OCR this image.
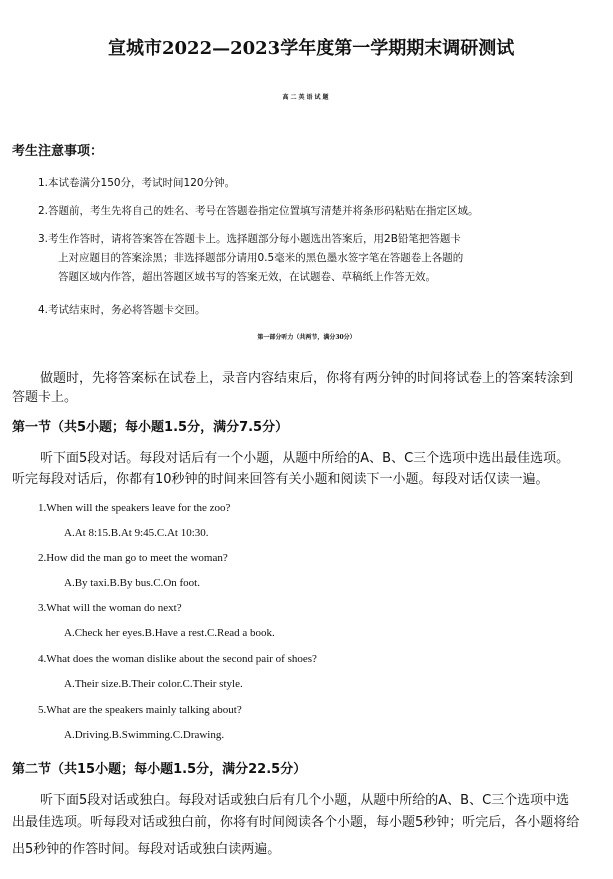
宣城市2022—2023学年度第一学期期末调研测试
高二英语试题
考生注意事项：
1.本试卷满分150分，考试时间120分钟。
2.答题前，考生先将自己的姓名、考号在答题卷指定位置填写清楚并将条形码粘贴在指定区域。
3.考生作答时，请将答案答在答题卡上。选择题部分每小题选出答案后，用2B铅笔把答题卡
上对应题目的答案涂黑；非选择题部分请用0.5毫米的黑色墨水签字笔在答题卷上各题的
答题区域内作答，超出答题区域书写的答案无效，在试题卷、草稿纸上作答无效。
4.考试结束时，务必将答题卡交回。
第一部分听力（共两节，满分30分）
做题时，先将答案标在试卷上，录音内容结束后，你将有两分钟的时间将试卷上的答案转涂到
答题卡上。
第一节（共5小题；每小题1.5分，满分7.5分）
听下面5段对话。每段对话后有一个小题，从题中所给的A、B、C三个选项中选出最佳选项。
听完每段对话后，你都有10秒钟的时间来回答有关小题和阅读下一小题。每段对话仅读一遍。
1.When will the speakers leave for the zoo?
A.At 8:15.B.At 9:45.C.At 10:30.
2.How did the man go to meet the woman?
A.By taxi.B.By bus.C.On foot.
3.What will the woman do next?
A.Check her eyes.B.Have a rest.C.Read a book.
4.What does the woman dislike about the second pair of shoes?
A.Their size.B.Their color.C.Their style.
5.What are the speakers mainly talking about?
A.Driving.B.Swimming.C.Drawing.
第二节（共15小题；每小题1.5分，满分22.5分）
听下面5段对话或独白。每段对话或独白后有几个小题，从题中所给的A、B、C三个选项中选
出最佳选项。听每段对话或独白前，你将有时间阅读各个小题，每小题5秒钟；听完后，各小题将给
出5秒钟的作答时间。每段对话或独白读两遍。
